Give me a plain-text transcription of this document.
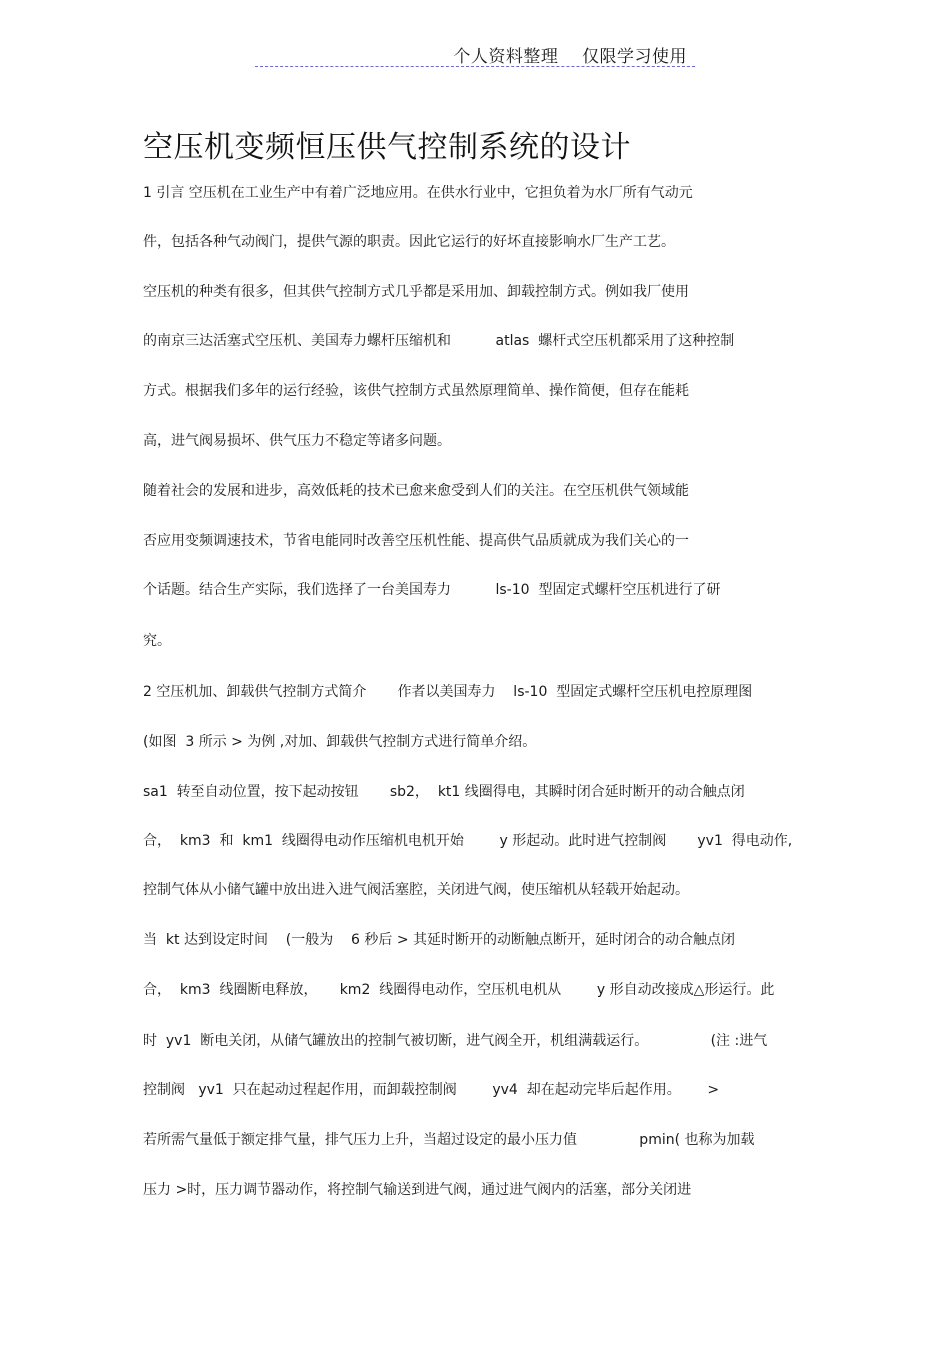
个人资料整理    仅限学习使用
空压机变频恒压供气控制系统的设计
1 引言 空压机在工业生产中有着广泛地应用。在供水行业中，它担负着为水厂所有气动元
件，包括各种气动阀门，提供气源的职责。因此它运行的好坏直接影响水厂生产工艺。
空压机的种类有很多，但其供气控制方式几乎都是采用加、卸载控制方式。例如我厂使用
的南京三达活塞式空压机、美国寿力螺杆压缩机和          atlas  螺杆式空压机都采用了这种控制
方式。根据我们多年的运行经验，该供气控制方式虽然原理简单、操作简便，但存在能耗
高，进气阀易损坏、供气压力不稳定等诸多问题。
随着社会的发展和进步，高效低耗的技术已愈来愈受到人们的关注。在空压机供气领域能
否应用变频调速技术，节省电能同时改善空压机性能、提高供气品质就成为我们关心的一
个话题。结合生产实际，我们选择了一台美国寿力          ls-10  型固定式螺杆空压机进行了研
究。
2 空压机加、卸载供气控制方式简介       作者以美国寿力    ls-10  型固定式螺杆空压机电控原理图
(如图  3 所示 > 为例 ,对加、卸载供气控制方式进行简单介绍。
sa1  转至自动位置，按下起动按钮       sb2，  kt1 线圈得电，其瞬时闭合延时断开的动合触点闭
合，  km3  和  km1  线圈得电动作压缩机电机开始        y 形起动。此时进气控制阀       yv1  得电动作,
控制气体从小储气罐中放出进入进气阀活塞腔，关闭进气阀，使压缩机从轻载开始起动。
当  kt 达到设定时间    (一般为    6 秒后 > 其延时断开的动断触点断开，延时闭合的动合触点闭
合，  km3  线圈断电释放，     km2  线圈得电动作，空压机电机从        y 形自动改接成△形运行。此
时  yv1  断电关闭，从储气罐放出的控制气被切断，进气阀全开，机组满载运行。              (注 :进气
控制阀   yv1  只在起动过程起作用，而卸载控制阀        yv4  却在起动完毕后起作用。      >
若所需气量低于额定排气量，排气压力上升，当超过设定的最小压力值              pmin( 也称为加载
压力 >时，压力调节器动作，将控制气输送到进气阀，通过进气阀内的活塞，部分关闭进
